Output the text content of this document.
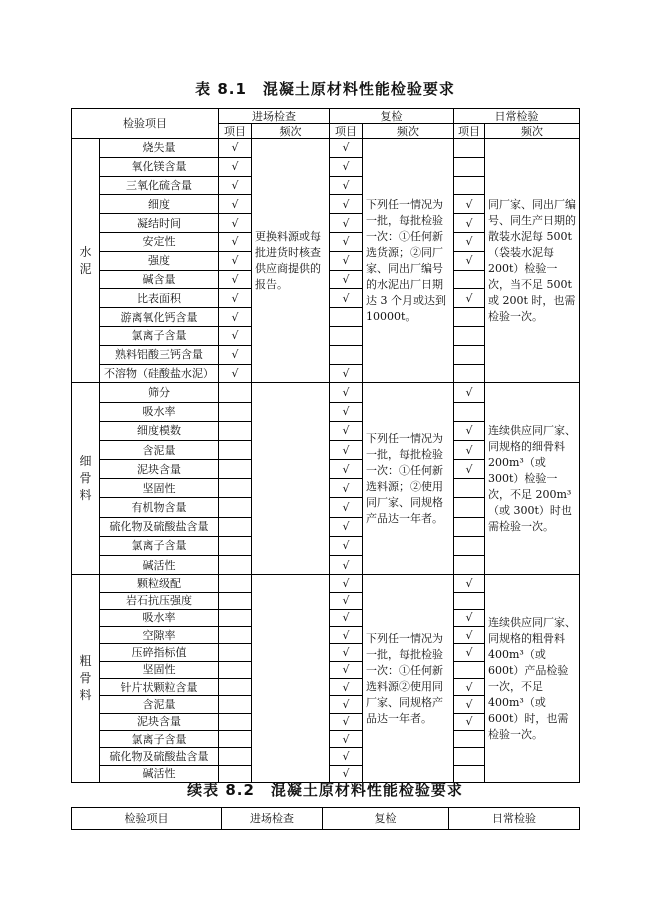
表 8.1　混凝土原材料性能检验要求
检验项目		进场检查		复检		日常检验	
		项目	频次	项目	频次	项目	频次
水泥	烧失量	√	更换料源或每批进货时核查供应商提供的报告。	√	下列任一情况为一批，每批检验一次：①任何新选货源；②同厂家、同出厂编号的水泥出厂日期达 3 个月或达到 10000t。		同厂家、同出厂编号、同生产日期的散装水泥每 500t（袋装水泥每 200t）检验一次，当不足 500t 或 200t 时，也需检验一次。
	氧化镁含量	√		√			
	三氧化硫含量	√		√			
	细度	√		√		√	
	凝结时间	√		√		√	
	安定性	√		√		√	
	强度	√		√		√	
	碱含量	√		√			
	比表面积	√		√		√	
	游离氧化钙含量	√					
	氯离子含量	√					
	熟料铝酸三钙含量	√					
	不溶物（硅酸盐水泥）	√		√			
细骨料	筛分			√	下列任一情况为一批，每批检验一次：①任何新选料源；②使用同厂家、同规格产品达一年者。	√	连续供应同厂家、同规格的细骨料 200m³（或 300t）检验一次，不足 200m³（或 300t）时也需检验一次。
	吸水率			√			
	细度模数			√		√	
	含泥量			√		√	
	泥块含量			√		√	
	坚固性			√			
	有机物含量			√			
	硫化物及硫酸盐含量			√			
	氯离子含量			√			
	碱活性			√			
粗骨料	颗粒级配			√	下列任一情况为一批，每批检验一次：①任何新选料源②使用同厂家、同规格产品达一年者。	√	连续供应同厂家、同规格的粗骨料 400m³（或 600t）产品检验一次，不足 400m³（或 600t）时，也需检验一次。
	岩石抗压强度			√			
	吸水率			√		√	
	空隙率			√		√	
	压碎指标值			√		√	
	坚固性			√			
	针片状颗粒含量			√		√	
	含泥量			√		√	
	泥块含量			√		√	
	氯离子含量			√			
	硫化物及硫酸盐含量			√			
	碱活性			√			
续表 8.2　混凝土原材料性能检验要求
检验项目	进场检查	复检	日常检验
